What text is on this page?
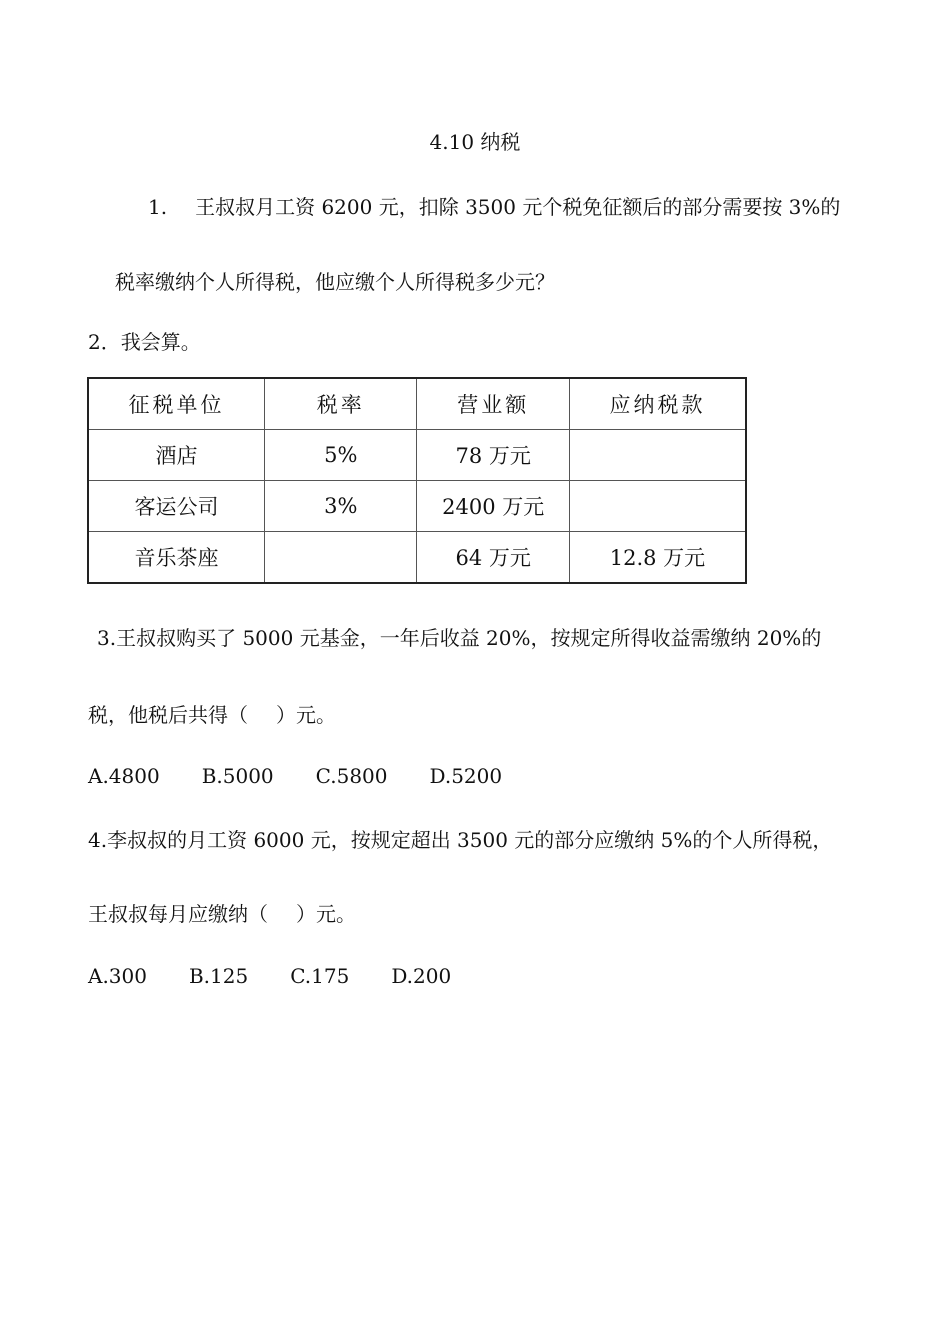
4.10 纳税
1. 王叔叔月工资 6200 元，扣除 3500 元个税免征额后的部分需要按 3%的
税率缴纳个人所得税，他应缴个人所得税多少元？
2．我会算。
征税单位	税率	营业额	应纳税款
酒店	5%	78 万元	
客运公司	3%	2400 万元	
音乐茶座		64 万元	12.8 万元
3.王叔叔购买了 5000 元基金，一年后收益 20%，按规定所得收益需缴纳 20%的
税，他税后共得（ ）元。
A.4800 B.5000 C.5800 D.5200
4.李叔叔的月工资 6000 元，按规定超出 3500 元的部分应缴纳 5%的个人所得税，
王叔叔每月应缴纳（ ）元。
A.300 B.125 C.175 D.200
